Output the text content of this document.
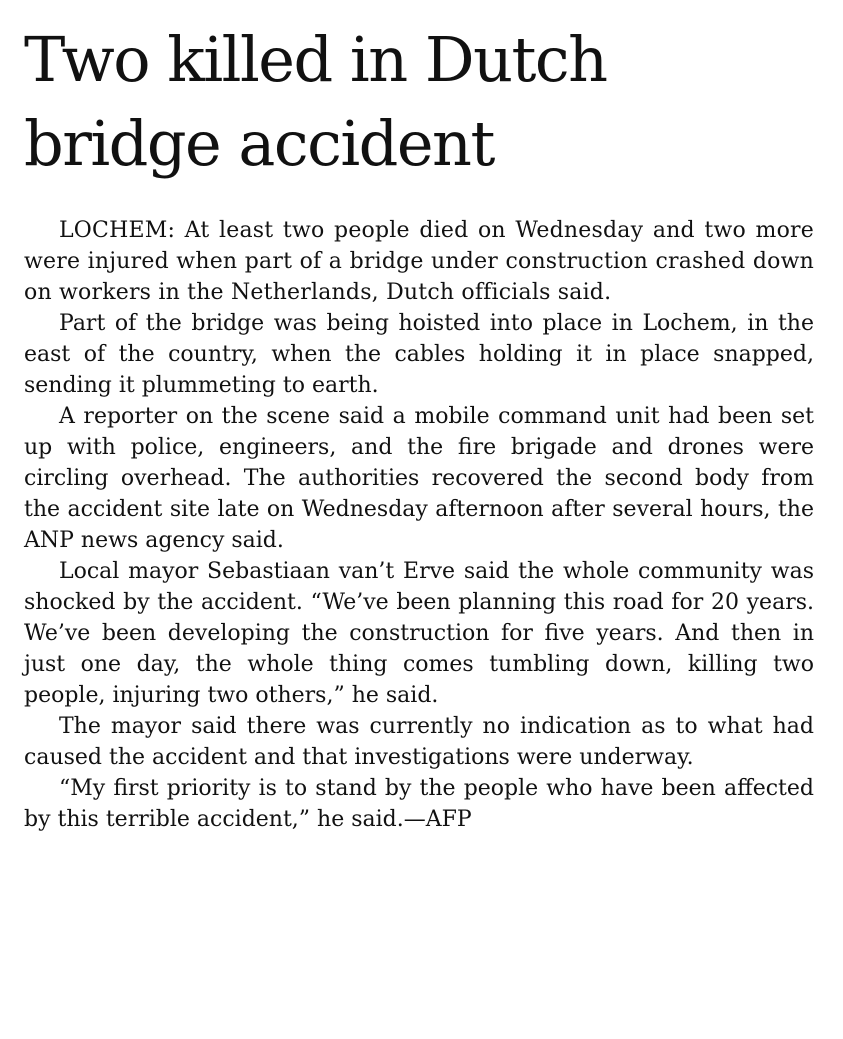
Two killed in Dutch
bridge accident

LOCHEM: At least two people died on Wednesday and two more were injured when part of a bridge under construction crashed down on workers in the Netherlands, Dutch officials said.

Part of the bridge was being hoisted into place in Lochem, in the east of the country, when the cables holding it in place snapped, sending it plummeting to earth.

A reporter on the scene said a mobile command unit had been set up with police, engineers, and the fire brigade and drones were circling overhead. The authorities recovered the second body from the accident site late on Wednesday afternoon after several hours, the ANP news agency said.

Local mayor Sebastiaan van’t Erve said the whole community was shocked by the accident. “We’ve been planning this road for 20 years. We’ve been developing the construction for five years. And then in just one day, the whole thing comes tumbling down, killing two people, injuring two others,” he said.

The mayor said there was currently no indication as to what had caused the accident and that investigations were underway.

“My first priority is to stand by the people who have been affected by this terrible accident,” he said.—AFP
